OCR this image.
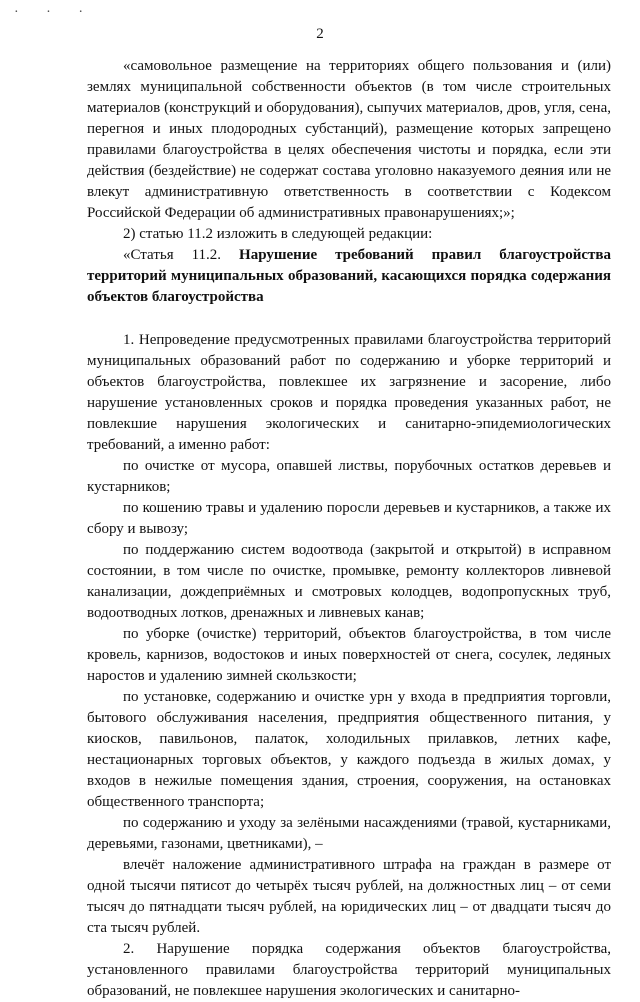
· · ·
2

«самовольное размещение на территориях общего пользования и (или) землях муниципальной собственности объектов (в том числе строительных материалов (конструкций и оборудования), сыпучих материалов, дров, угля, сена, перегноя и иных плодородных субстанций), размещение которых запрещено правилами благоустройства в целях обеспечения чистоты и порядка, если эти действия (бездействие) не содержат состава уголовно наказуемого деяния или не влекут административную ответственность в соответствии с Кодексом Российской Федерации об административных правонарушениях;»;

2) статью 11.2 изложить в следующей редакции:

«Статья 11.2. Нарушение требований правил благоустройства территорий муниципальных образований, касающихся порядка содержания объектов благоустройства

1. Непроведение предусмотренных правилами благоустройства территорий муниципальных образований работ по содержанию и уборке территорий и объектов благоустройства, повлекшее их загрязнение и засорение, либо нарушение установленных сроков и порядка проведения указанных работ, не повлекшие нарушения экологических и санитарно-эпидемиологических требований, а именно работ:

по очистке от мусора, опавшей листвы, порубочных остатков деревьев и кустарников;

по кошению травы и удалению поросли деревьев и кустарников, а также их сбору и вывозу;

по поддержанию систем водоотвода (закрытой и открытой) в исправном состоянии, в том числе по очистке, промывке, ремонту коллекторов ливневой канализации, дождеприёмных и смотровых колодцев, водопропускных труб, водоотводных лотков, дренажных и ливневых канав;

по уборке (очистке) территорий, объектов благоустройства, в том числе кровель, карнизов, водостоков и иных поверхностей от снега, сосулек, ледяных наростов и удалению зимней скользкости;

по установке, содержанию и очистке урн у входа в предприятия торговли, бытового обслуживания населения, предприятия общественного питания, у киосков, павильонов, палаток, холодильных прилавков, летних кафе, нестационарных торговых объектов, у каждого подъезда в жилых домах, у входов в нежилые помещения здания, строения, сооружения, на остановках общественного транспорта;

по содержанию и уходу за зелёными насаждениями (травой, кустарниками, деревьями, газонами, цветниками), –

влечёт наложение административного штрафа на граждан в размере от одной тысячи пятисот до четырёх тысяч рублей, на должностных лиц – от семи тысяч до пятнадцати тысяч рублей, на юридических лиц – от двадцати тысяч до ста тысяч рублей.

2. Нарушение порядка содержания объектов благоустройства, установленного правилами благоустройства территорий муниципальных образований, не повлекшее нарушения экологических и санитарно-
